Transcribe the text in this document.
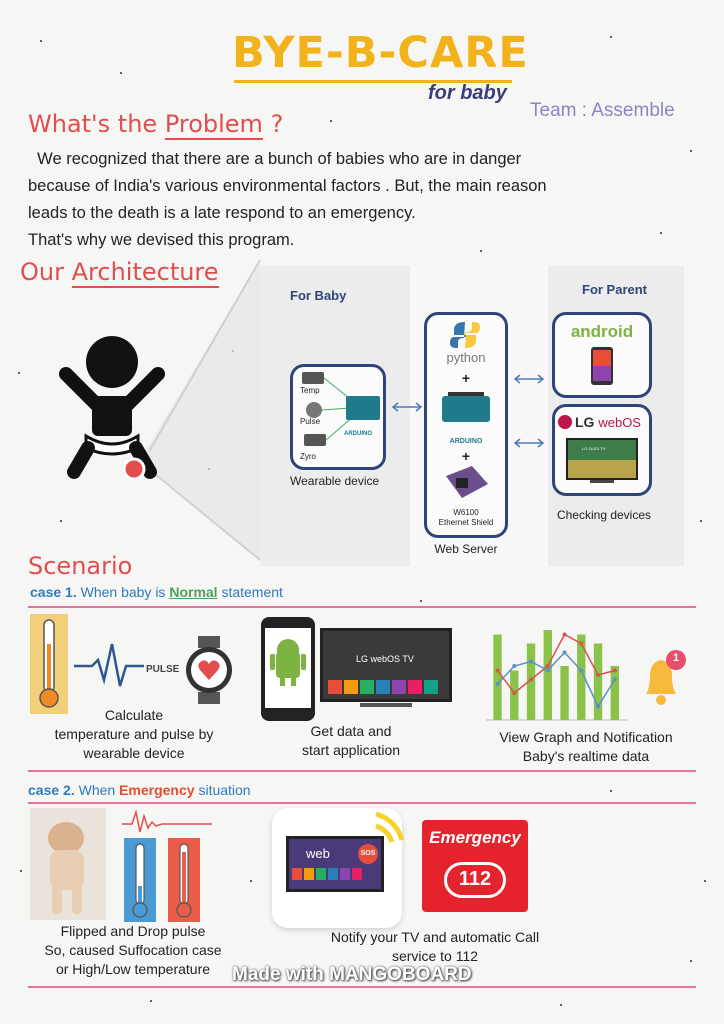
BYE-B-CARE
for baby
Team : Assemble
What's the Problem ?
We recognized that there are a bunch of babies who are in danger
because of India's various environmental factors . But, the main reason
leads to the death is a late respond to an emergency.
That's why we devised this program.
Our Architecture
For Baby
Temp
Pulse
Zyro
ARDUINO
Wearable device
python
+
ARDUINO
+
W6100
Ethernet Shield
Web Server
For Parent
android
LG webOS
LG OLED TV
Checking devices
Scenario
case 1. When baby is Normal statement
PULSE
Calculate
temperature and pulse by
wearable device
LG webOS TV
Get data and
start application
1
View Graph and Notification
Baby's realtime data
case 2. When Emergency situation
Flipped and Drop pulse
So, caused Suffocation case
or High/Low temperature
web	SOS
Emergency
112
Notify your TV and automatic Call
service to 112
Made with MANGOBOARD
